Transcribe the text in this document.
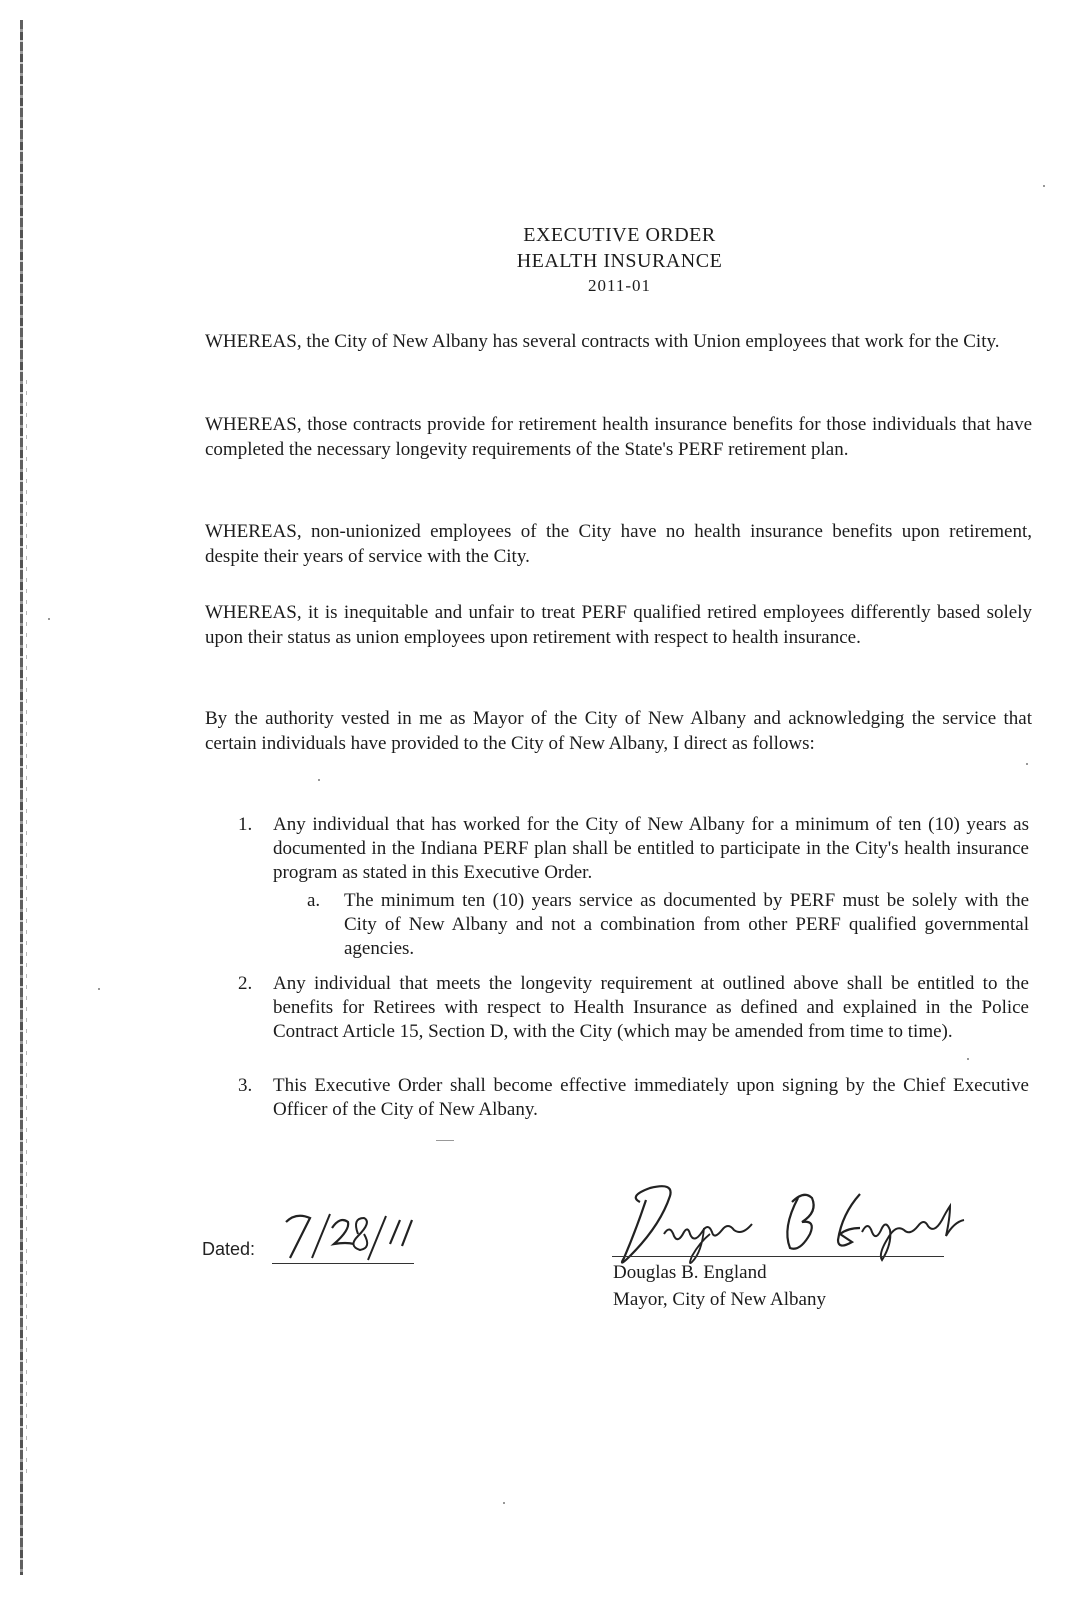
EXECUTIVE ORDER
HEALTH INSURANCE
2011-01

WHEREAS, the City of New Albany has several contracts with Union employees that work for the City.

WHEREAS, those contracts provide for retirement health insurance benefits for those individuals that have completed the necessary longevity requirements of the State's PERF retirement plan.

WHEREAS, non-unionized employees of the City have no health insurance benefits upon retirement, despite their years of service with the City.

WHEREAS, it is inequitable and unfair to treat PERF qualified retired employees differently based solely upon their status as union employees upon retirement with respect to health insurance.

By the authority vested in me as Mayor of the City of New Albany and acknowledging the service that certain individuals have provided to the City of New Albany, I direct as follows:

1. Any individual that has worked for the City of New Albany for a minimum of ten (10) years as documented in the Indiana PERF plan shall be entitled to participate in the City's health insurance program as stated in this Executive Order.

a. The minimum ten (10) years service as documented by PERF must be solely with the City of New Albany and not a combination from other PERF qualified governmental agencies.

2. Any individual that meets the longevity requirement at outlined above shall be entitled to the benefits for Retirees with respect to Health Insurance as defined and explained in the Police Contract Article 15, Section D, with the City (which may be amended from time to time).

3. This Executive Order shall become effective immediately upon signing by the Chief Executive Officer of the City of New Albany.

Dated:
Douglas B. England
Mayor, City of New Albany
